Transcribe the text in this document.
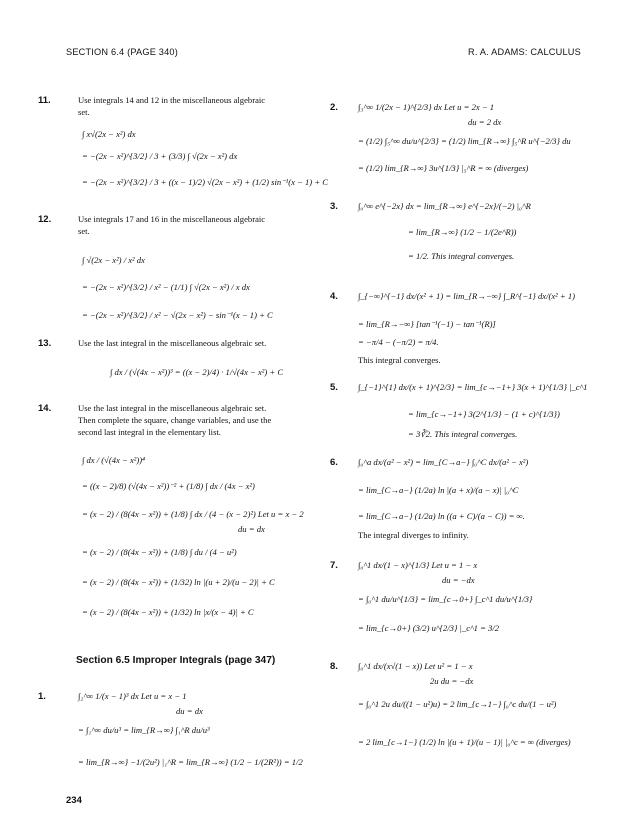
SECTION 6.4 (PAGE 340)	R. A. ADAMS: CALCULUS
11.	Use integrals 14 and 12 in the miscellaneous algebraic
set.
∫ x√(2x − x²) dx
= −(2x − x²)^{3/2} / 3 + (3/3) ∫ √(2x − x²) dx
= −(2x − x²)^{3/2} / 3 + ((x − 1)/2) √(2x − x²) + (1/2) sin⁻¹(x − 1) + C
12.	Use integrals 17 and 16 in the miscellaneous algebraic
set.
∫ √(2x − x²) / x² dx
= −(2x − x²)^{3/2} / x² − (1/1) ∫ √(2x − x²) / x dx
= −(2x − x²)^{3/2} / x² − √(2x − x²) − sin⁻¹(x − 1) + C
13.	Use the last integral in the miscellaneous algebraic set.
∫ dx / (√(4x − x²))³ = ((x − 2)/4) · 1/√(4x − x²) + C
14.	Use the last integral in the miscellaneous algebraic set.
Then complete the square, change variables, and use the
second last integral in the elementary list.
∫ dx / (√(4x − x²))⁴
= ((x − 2)/8) (√(4x − x²))⁻² + (1/8) ∫ dx / (4x − x²)
= (x − 2) / (8(4x − x²)) + (1/8) ∫ dx / (4 − (x − 2)²) Let u = x − 2
du = dx
= (x − 2) / (8(4x − x²)) + (1/8) ∫ du / (4 − u²)
= (x − 2) / (8(4x − x²)) + (1/32) ln |(u + 2)/(u − 2)| + C
= (x − 2) / (8(4x − x²)) + (1/32) ln |x/(x − 4)| + C
Section 6.5 Improper Integrals (page 347)
1.	∫₂^∞ 1/(x − 1)³ dx Let u = x − 1
du = dx
= ∫₁^∞ du/u³ = lim_{R→∞} ∫₁^R du/u³
= lim_{R→∞} −1/(2u²) |₁^R = lim_{R→∞} (1/2 − 1/(2R²)) = 1/2
2. ∫₃^∞ 1/(2x − 1)^{2/3} dx Let u = 2x − 1
du = 2 dx
= (1/2) ∫₅^∞ du/u^{2/3} = (1/2) lim_{R→∞} ∫₅^R u^{−2/3} du
= (1/2) lim_{R→∞} 3u^{1/3} |₅^R = ∞ (diverges)
3. ∫₀^∞ e^{−2x} dx = lim_{R→∞} e^{−2x}/(−2) |₀^R
= lim_{R→∞} (1/2 − 1/(2e^R))
= 1/2. This integral converges.
4. ∫_{−∞}^{−1} dx/(x² + 1) = lim_{R→−∞} ∫_R^{−1} dx/(x² + 1)
= lim_{R→−∞} [tan⁻¹(−1) − tan⁻¹(R)]
= −π/4 − (−π/2) = π/4.
This integral converges.
5. ∫_{−1}^{1} dx/(x + 1)^{2/3} = lim_{c→−1+} 3(x + 1)^{1/3} |_c^1
= lim_{c→−1+} 3(2^{1/3} − (1 + c)^{1/3})
= 3∛2. This integral converges.
6. ∫₀^a dx/(a² − x²) = lim_{C→a−} ∫₀^C dx/(a² − x²)
= lim_{C→a−} (1/2a) ln |(a + x)/(a − x)| |₀^C
= lim_{C→a−} (1/2a) ln ((a + C)/(a − C)) = ∞.
The integral diverges to infinity.
7. ∫₀^1 dx/(1 − x)^{1/3} Let u = 1 − x
du = −dx
= ∫₀^1 du/u^{1/3} = lim_{c→0+} ∫_c^1 du/u^{1/3}
= lim_{c→0+} (3/2) u^{2/3} |_c^1 = 3/2
8. ∫₀^1 dx/(x√(1 − x)) Let u² = 1 − x
2u du = −dx
= ∫₀^1 2u du/((1 − u²)u) = 2 lim_{c→1−} ∫₀^c du/(1 − u²)
= 2 lim_{c→1−} (1/2) ln |(u + 1)/(u − 1)| |₀^c = ∞ (diverges)
234
